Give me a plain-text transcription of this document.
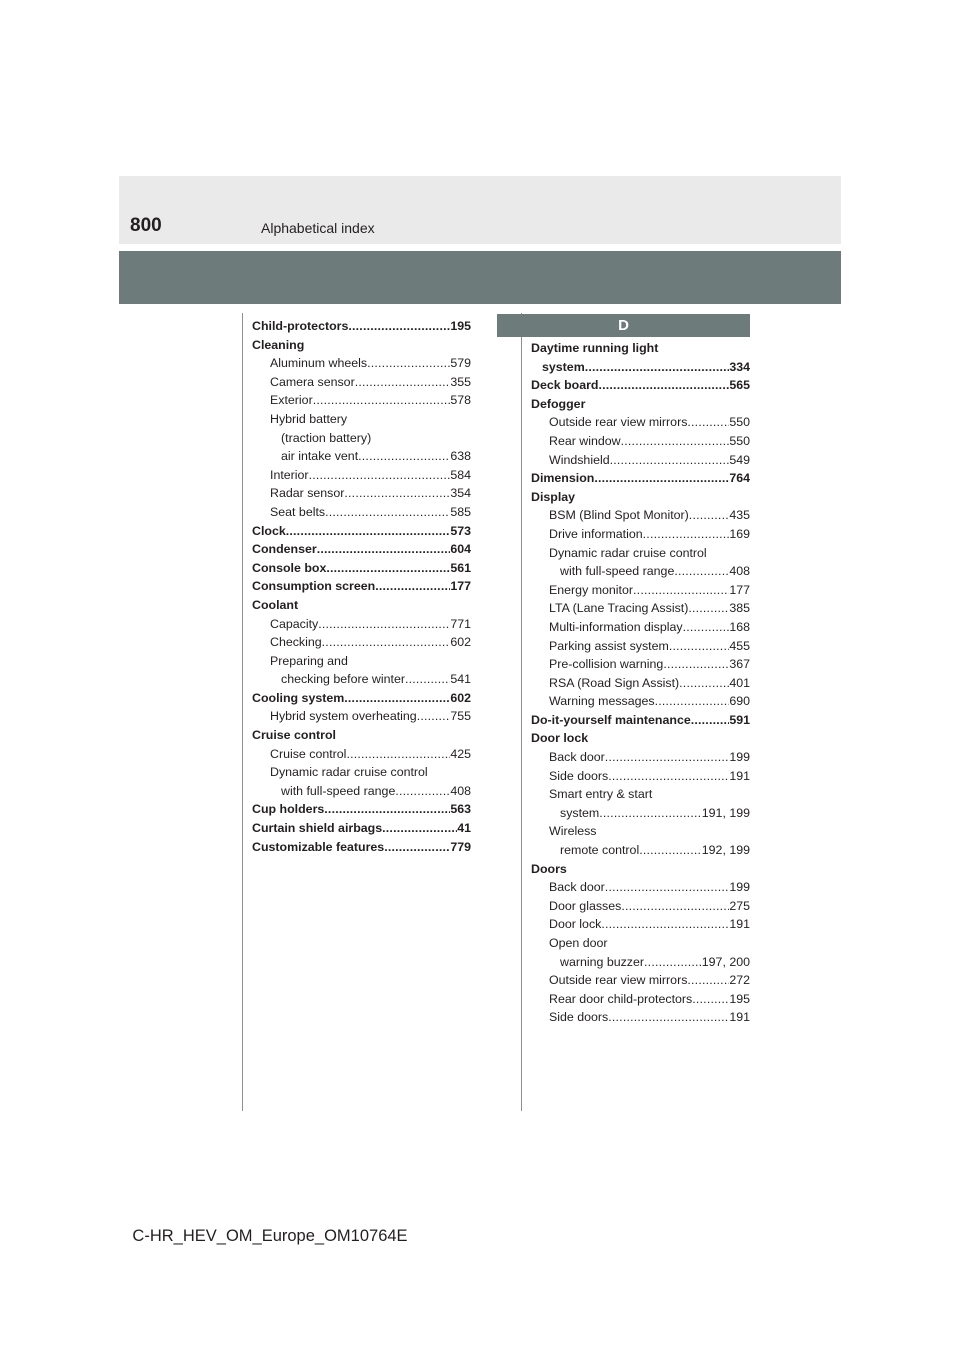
800	Alphabetical index
Child-protectors .....	195
Cleaning
Aluminum wheels .....	579
Camera sensor .....	355
Exterior .....	578
Hybrid battery
(traction battery)
air intake vent .....	638
Interior .....	584
Radar sensor .....	354
Seat belts .....	585
Clock .....	573
Condenser .....	604
Console box .....	561
Consumption screen .....	177
Coolant
Capacity .....	771
Checking .....	602
Preparing and
checking before winter .....	541
Cooling system .....	602
Hybrid system overheating .....	755
Cruise control
Cruise control .....	425
Dynamic radar cruise control
with full-speed range .....	408
Cup holders .....	563
Curtain shield airbags .....	41
Customizable features .....	779
D
Daytime running light
system .....	334
Deck board .....	565
Defogger
Outside rear view mirrors .....	550
Rear window .....	550
Windshield .....	549
Dimension .....	764
Display
BSM (Blind Spot Monitor) .....	435
Drive information .....	169
Dynamic radar cruise control
with full-speed range .....	408
Energy monitor .....	177
LTA (Lane Tracing Assist) .....	385
Multi-information display .....	168
Parking assist system .....	455
Pre-collision warning .....	367
RSA (Road Sign Assist) .....	401
Warning messages .....	690
Do-it-yourself maintenance .....	591
Door lock
Back door .....	199
Side doors .....	191
Smart entry & start
system .....	191, 199
Wireless
remote control .....	192, 199
Doors
Back door .....	199
Door glasses .....	275
Door lock .....	191
Open door
warning buzzer .....	197, 200
Outside rear view mirrors .....	272
Rear door child-protectors .....	195
Side doors .....	191
C-HR_HEV_OM_Europe_OM10764E
